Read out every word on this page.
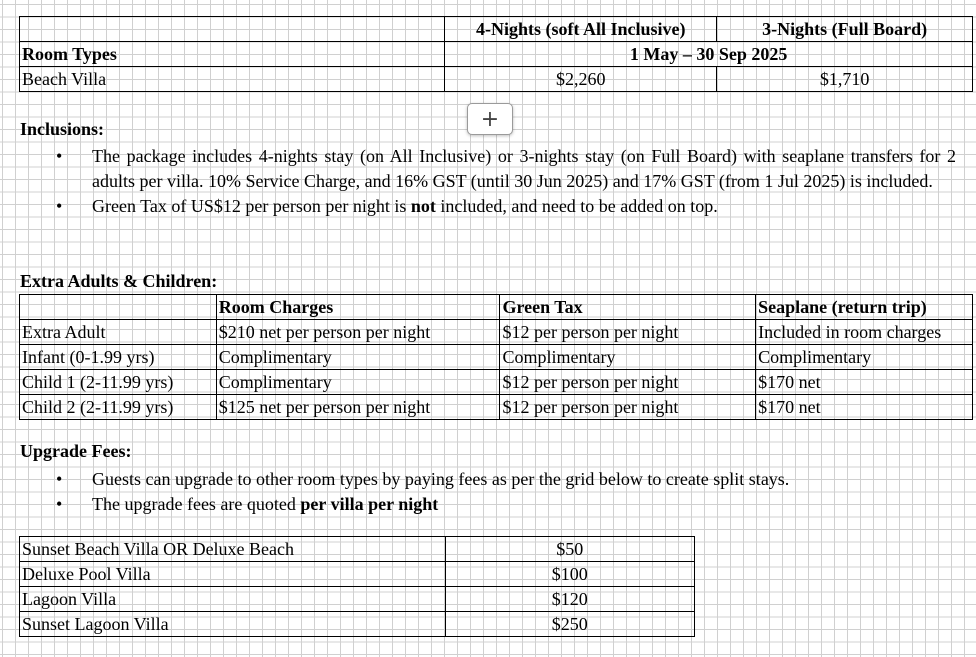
	4-Nights (soft All Inclusive)	3-Nights (Full Board)
Room Types	1 May – 30 Sep 2025	
Beach Villa	$2,260	$1,710
+
Inclusions:
• The package includes 4-nights stay (on All Inclusive) or 3-nights stay (on Full Board) with seaplane transfers for 2 adults per villa. 10% Service Charge, and 16% GST (until 30 Jun 2025) and 17% GST (from 1 Jul 2025) is included.
• Green Tax of US$12 per person per night is not included, and need to be added on top.
Extra Adults & Children:
	Room Charges	Green Tax	Seaplane (return trip)
Extra Adult	$210 net per person per night	$12 per person per night	Included in room charges
Infant (0-1.99 yrs)	Complimentary	Complimentary	Complimentary
Child 1 (2-11.99 yrs)	Complimentary	$12 per person per night	$170 net
Child 2 (2-11.99 yrs)	$125 net per person per night	$12 per person per night	$170 net
Upgrade Fees:
• Guests can upgrade to other room types by paying fees as per the grid below to create split stays.
• The upgrade fees are quoted per villa per night
Sunset Beach Villa OR Deluxe Beach	$50
Deluxe Pool Villa	$100
Lagoon Villa	$120
Sunset Lagoon Villa	$250
